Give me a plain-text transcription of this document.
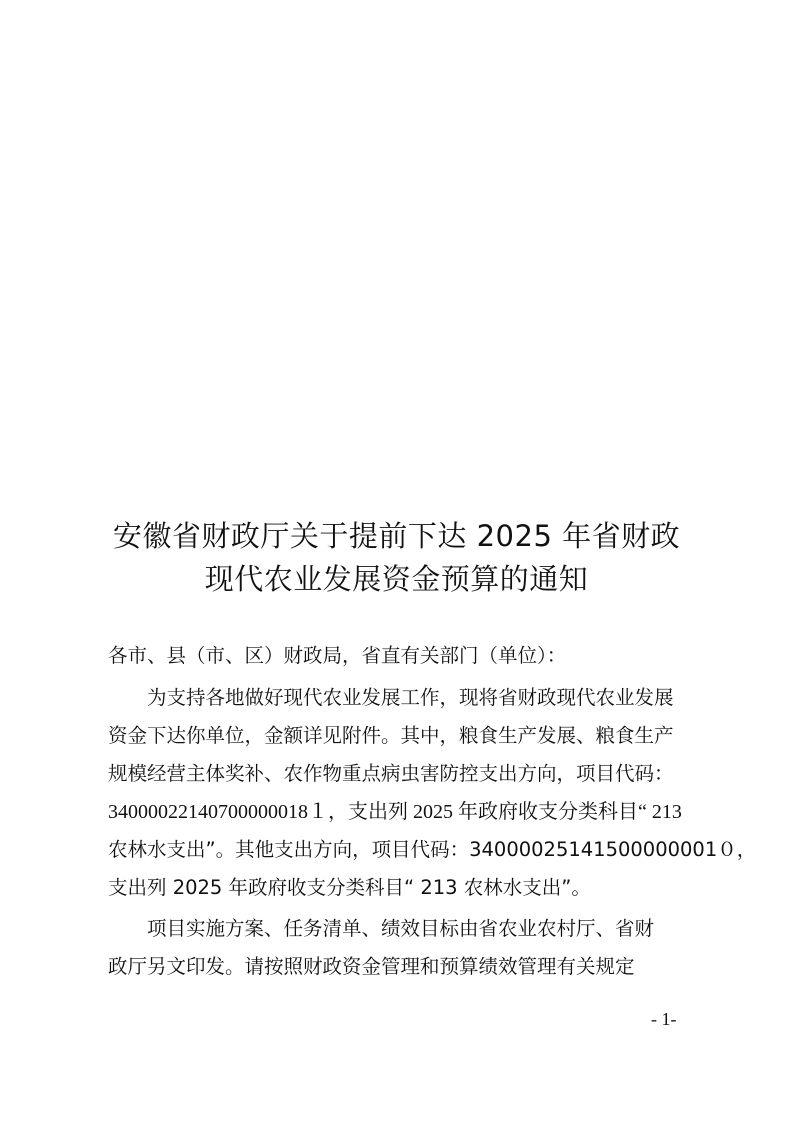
安徽省财政厅关于提前下达 2025 年省财政
现代农业发展资金预算的通知
各市、县（市、区）财政局，省直有关部门（单位）：
为支持各地做好现代农业发展工作，现将省财政现代农业发展
资金下达你单位，金额详见附件。其中，粮食生产发展、粮食生产
规模经营主体奖补、农作物重点病虫害防控支出方向，项目代码：
34000022140700000018１，支出列 2025 年政府收支分类科目“ 213
农林水支出”。其他支出方向，项目代码：34000025141500000001０，
支出列 2025 年政府收支分类科目“ 213 农林水支出”。
项目实施方案、任务清单、绩效目标由省农业农村厅、省财
政厅另文印发。请按照财政资金管理和预算绩效管理有关规定
- 1-
